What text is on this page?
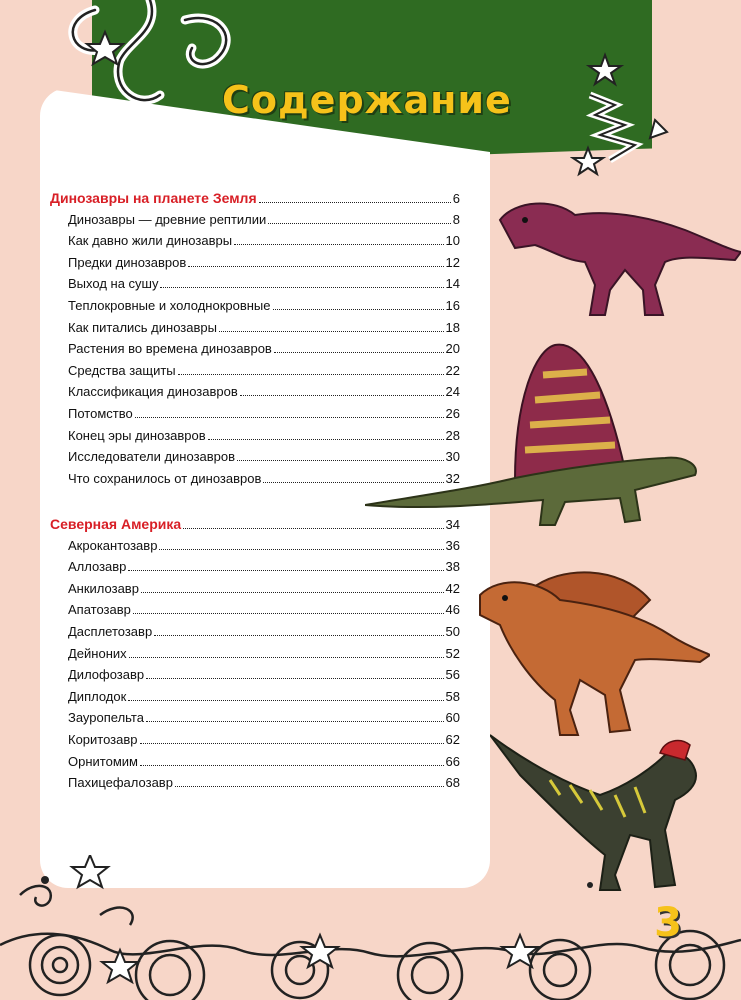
Содержание
Динозавры на планете Земля	6
Динозавры — древние рептилии	8
Как давно жили динозавры	10
Предки динозавров	12
Выход на сушу	14
Теплокровные и холоднокровные	16
Как питались динозавры	18
Растения во времена динозавров	20
Средства защиты	22
Классификация динозавров	24
Потомство	26
Конец эры динозавров	28
Исследователи динозавров	30
Что сохранилось от динозавров	32
Северная Америка	34
Акрокантозавр	36
Аллозавр	38
Анкилозавр	42
Апатозавр	46
Дасплетозавр	50
Дейноних	52
Дилофозавр	56
Диплодок	58
Зауропельта	60
Коритозавр	62
Орнитомим	66
Пахицефалозавр	68
3
